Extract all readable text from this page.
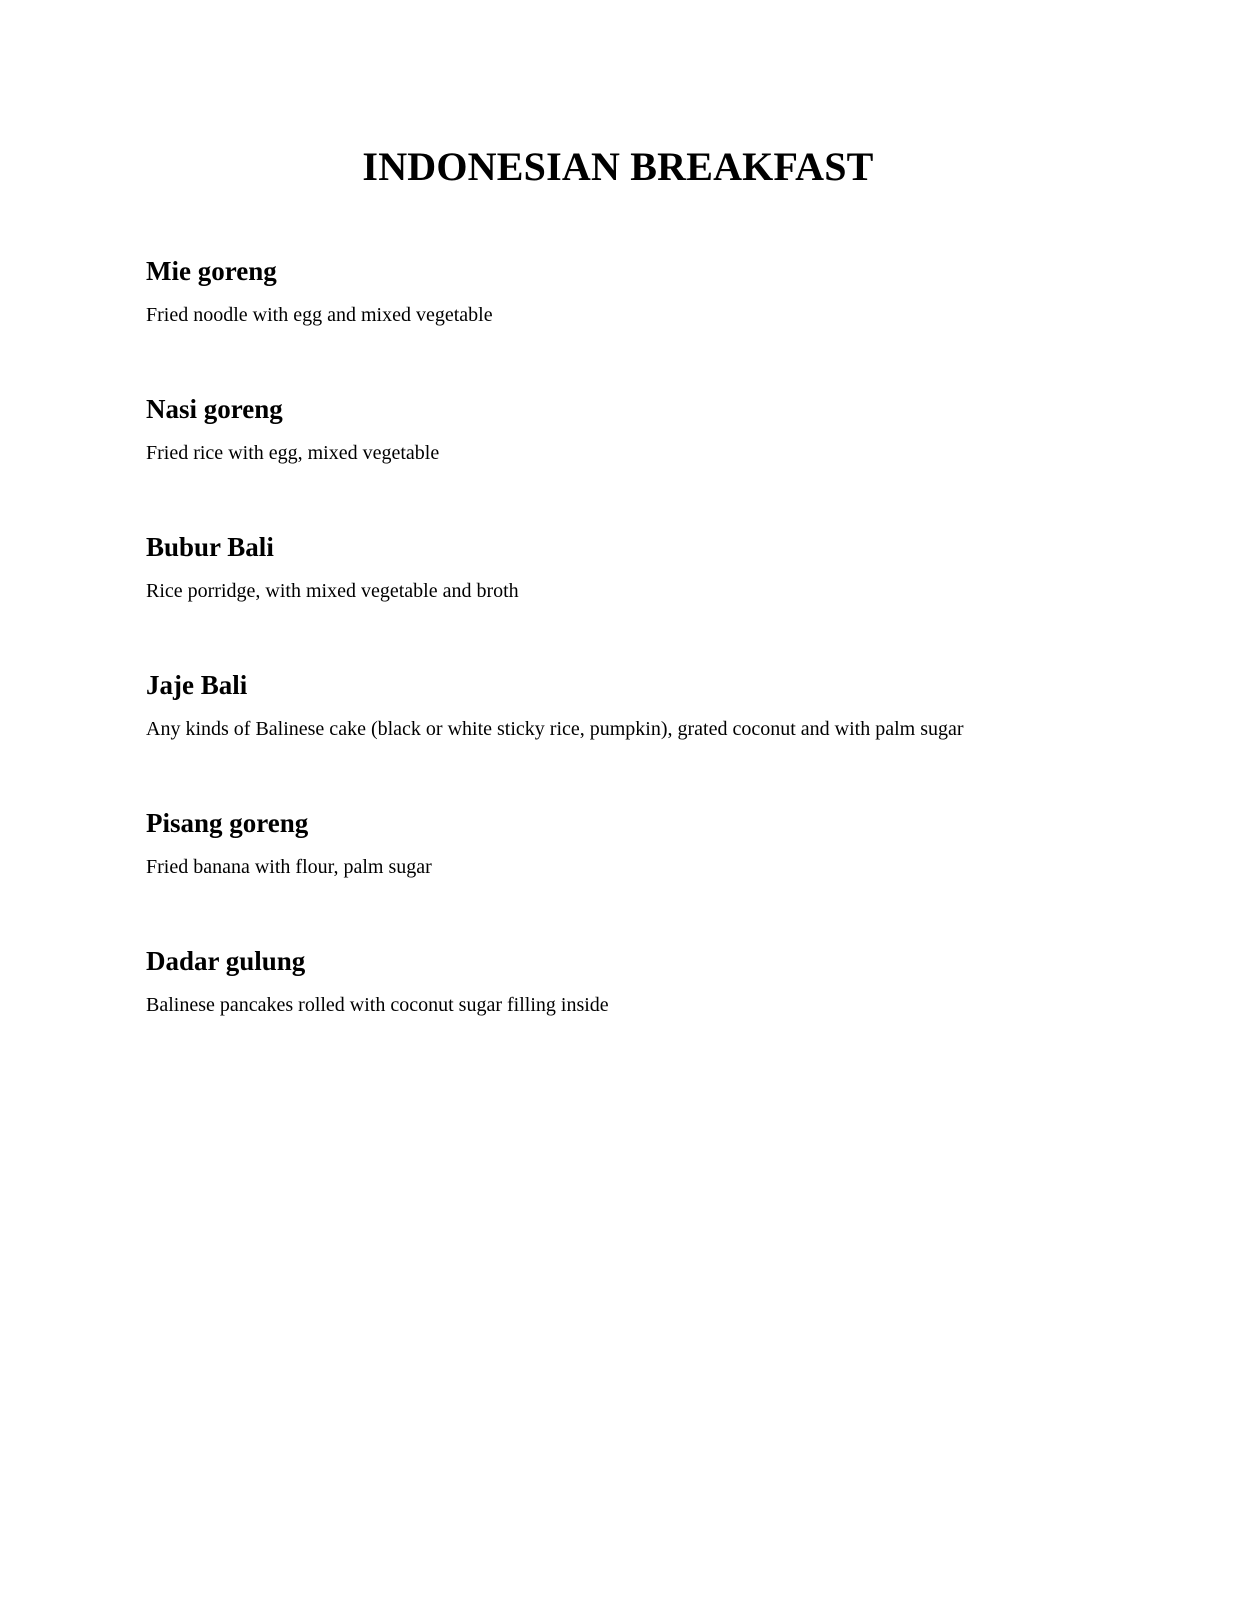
INDONESIAN BREAKFAST
Mie goreng

Fried noodle with egg and mixed vegetable

Nasi goreng

Fried rice with egg, mixed vegetable

Bubur Bali

Rice porridge, with mixed vegetable and broth

Jaje Bali

Any kinds of Balinese cake (black or white sticky rice, pumpkin), grated coconut and with palm sugar

Pisang goreng

Fried banana with flour, palm sugar

Dadar gulung

Balinese pancakes rolled with coconut sugar filling inside
